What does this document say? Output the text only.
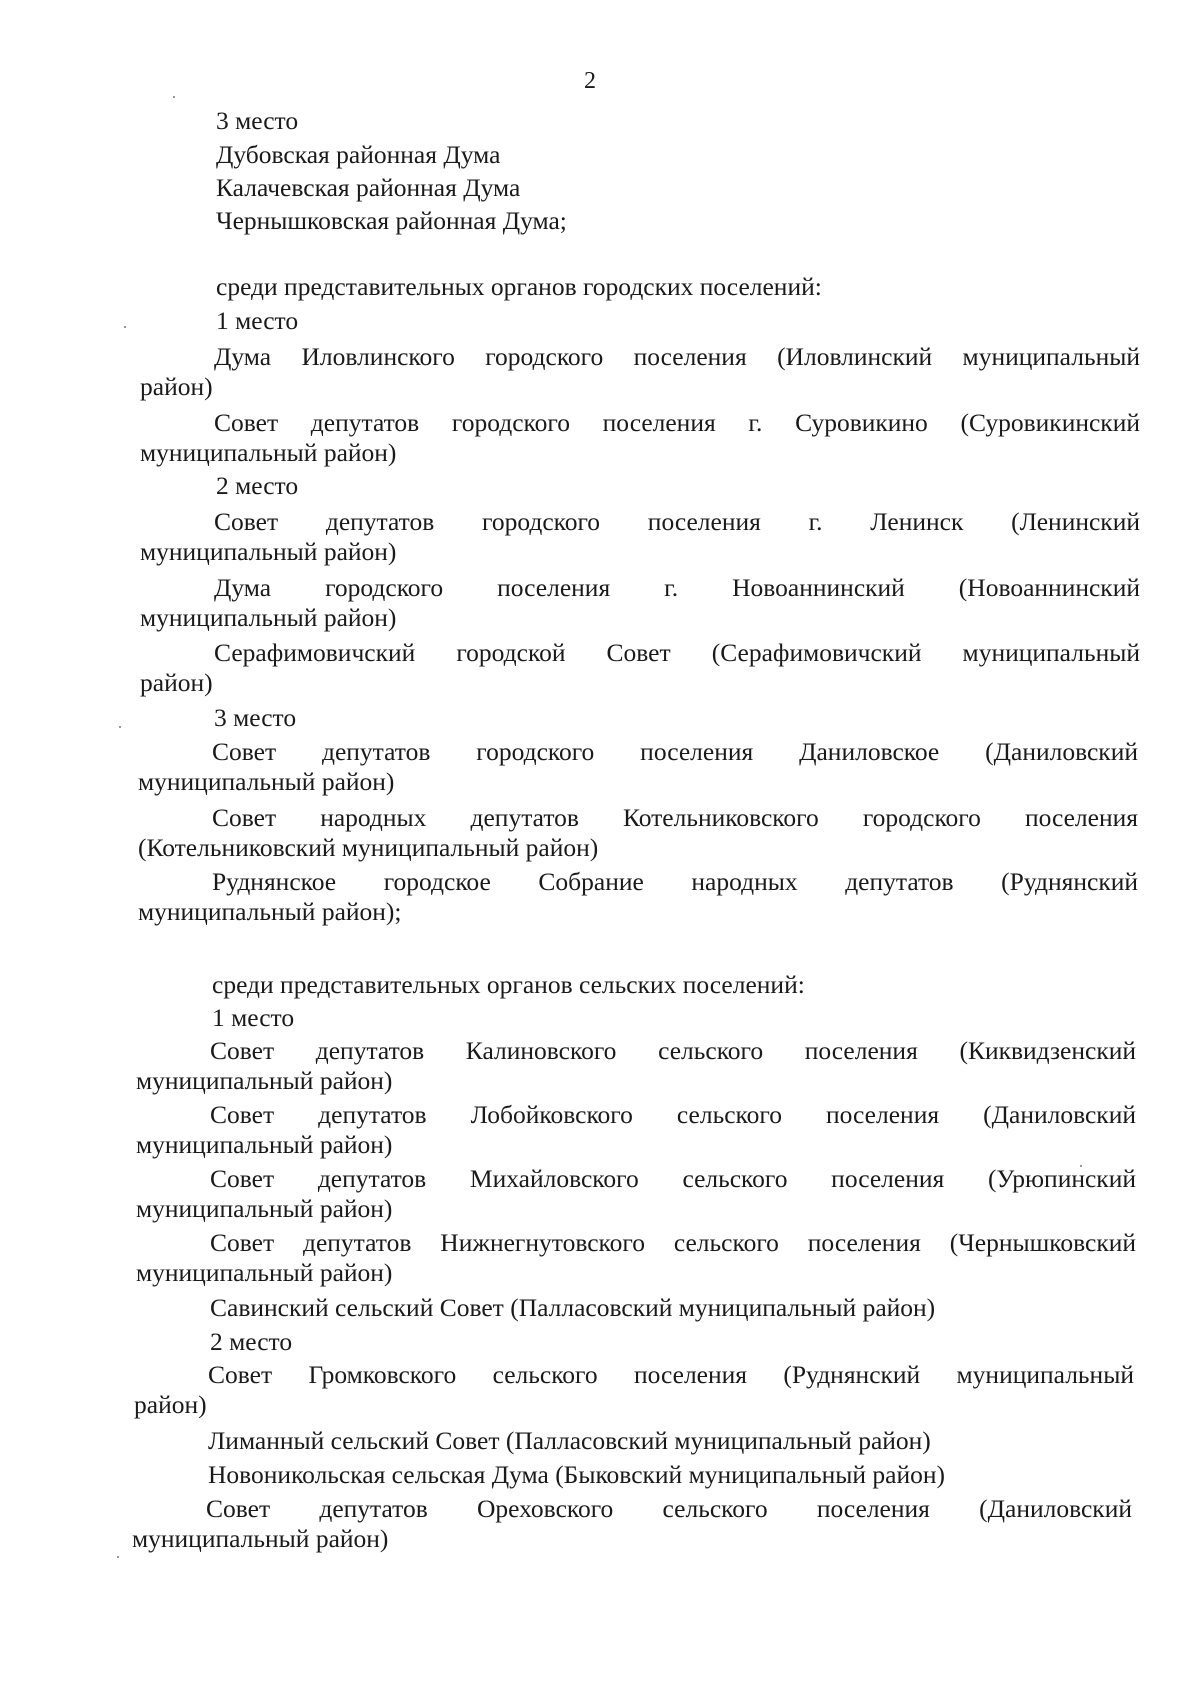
2
3 место
Дубовская районная Дума
Калачевская районная Дума
Чернышковская районная Дума;
среди представительных органов городских поселений:
1 место
Дума Иловлинского городского поселения (Иловлинский муниципальный
район)
Совет депутатов городского поселения г. Суровикино (Суровикинский
муниципальный район)
2 место
Совет депутатов городского поселения г. Ленинск (Ленинский
муниципальный район)
Дума городского поселения г. Новоаннинский (Новоаннинский
муниципальный район)
Серафимовичский городской Совет (Серафимовичский муниципальный
район)
3 место
Совет депутатов городского поселения Даниловское (Даниловский
муниципальный район)
Совет народных депутатов Котельниковского городского поселения
(Котельниковский муниципальный район)
Руднянское городское Собрание народных депутатов (Руднянский
муниципальный район);
среди представительных органов сельских поселений:
1 место
Совет депутатов Калиновского сельского поселения (Киквидзенский
муниципальный район)
Совет депутатов Лобойковского сельского поселения (Даниловский
муниципальный район)
Совет депутатов Михайловского сельского поселения (Урюпинский
муниципальный район)
Совет депутатов Нижнегнутовского сельского поселения (Чернышковский
муниципальный район)
Савинский сельский Совет (Палласовский муниципальный район)
2 место
Совет Громковского сельского поселения (Руднянский муниципальный
район)
Лиманный сельский Совет (Палласовский муниципальный район)
Новоникольская сельская Дума (Быковский муниципальный район)
Совет депутатов Ореховского сельского поселения (Даниловский
муниципальный район)
